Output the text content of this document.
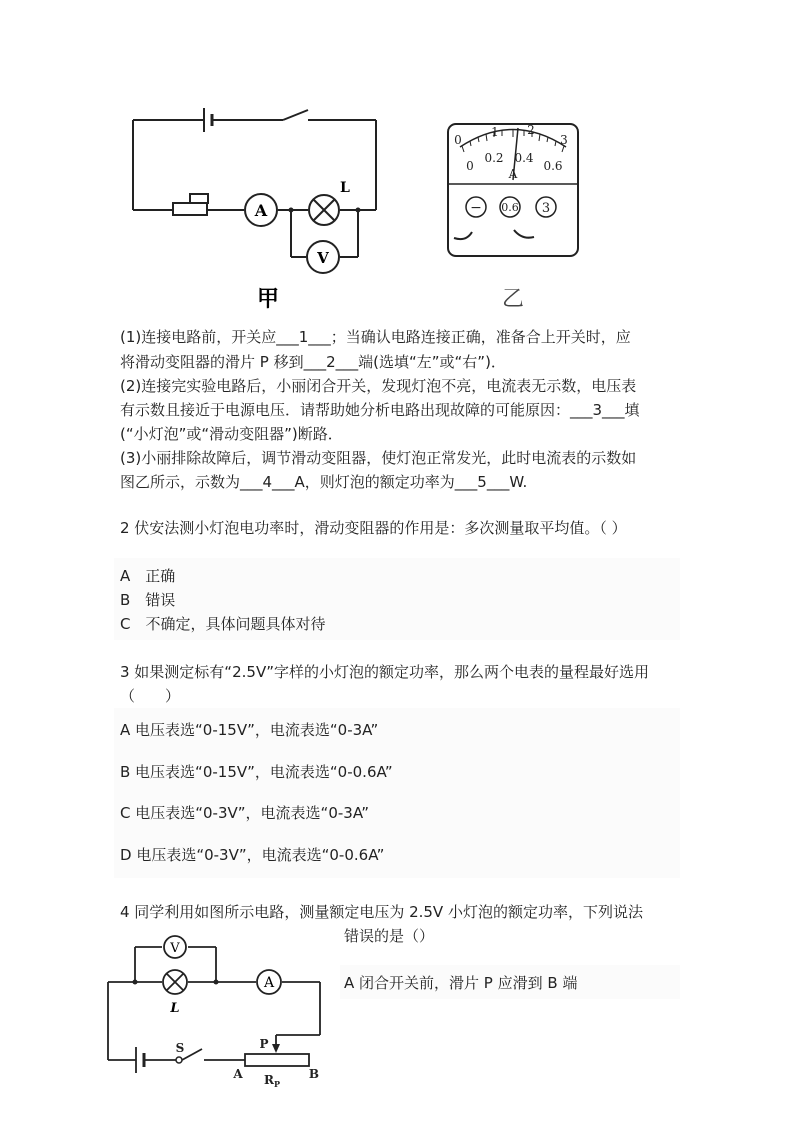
A
L
V
甲
0
1 2
3
0
0.2 0.4
0.6
A
− 0.6 3
乙
(1)连接电路前，开关应___1___；当确认电路连接正确，准备合上开关时，应
将滑动变阻器的滑片 P 移到___2___端(选填“左”或“右”)．
(2)连接完实验电路后，小丽闭合开关，发现灯泡不亮，电流表无示数，电压表
有示数且接近于电源电压．请帮助她分析电路出现故障的可能原因：___3___填
(“小灯泡”或“滑动变阻器”)断路．
(3)小丽排除故障后，调节滑动变阻器，使灯泡正常发光，此时电流表的示数如
图乙所示，示数为___4___A，则灯泡的额定功率为___5___W.
2 伏安法测小灯泡电功率时，滑动变阻器的作用是：多次测量取平均值。（ ）
A　正确
B　错误
C　不确定，具体问题具体对待
3 如果测定标有“2.5V”字样的小灯泡的额定功率，那么两个电表的量程最好选用
（　　）
A 电压表选“0-15V”，电流表选“0-3A”
B 电压表选“0-15V”，电流表选“0-0.6A”
C 电压表选“0-3V”，电流表选“0-3A”
D 电压表选“0-3V”，电流表选“0-0.6A”
4 同学利用如图所示电路，测量额定电压为 2.5V 小灯泡的额定功率，下列说法
错误的是（）
A 闭合开关前，滑片 P 应滑到 B 端
V
L
A
S	P
A	B
$R_P$
